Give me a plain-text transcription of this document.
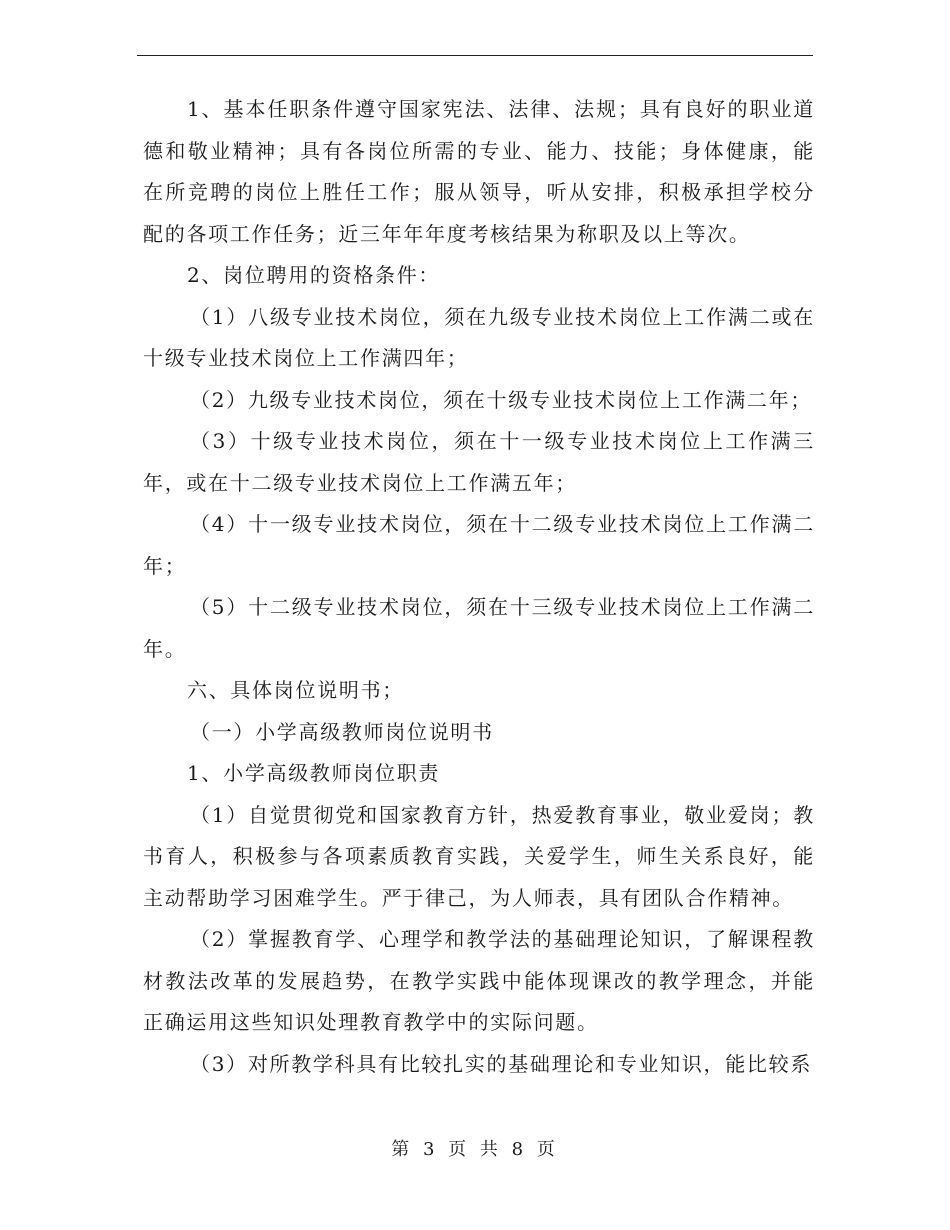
1、基本任职条件遵守国家宪法、法律、法规；具有良好的职业道德和敬业精神；具有各岗位所需的专业、能力、技能；身体健康，能在所竞聘的岗位上胜任工作；服从领导，听从安排，积极承担学校分配的各项工作任务；近三年年年度考核结果为称职及以上等次。

2、岗位聘用的资格条件：

（1）八级专业技术岗位，须在九级专业技术岗位上工作满二或在十级专业技术岗位上工作满四年；

（2）九级专业技术岗位，须在十级专业技术岗位上工作满二年；

（3）十级专业技术岗位，须在十一级专业技术岗位上工作满三年，或在十二级专业技术岗位上工作满五年；

（4）十一级专业技术岗位，须在十二级专业技术岗位上工作满二年；

（5）十二级专业技术岗位，须在十三级专业技术岗位上工作满二年。

六、具体岗位说明书；

（一）小学高级教师岗位说明书

1、小学高级教师岗位职责

（1）自觉贯彻党和国家教育方针，热爱教育事业，敬业爱岗；教书育人，积极参与各项素质教育实践，关爱学生，师生关系良好，能主动帮助学习困难学生。严于律己，为人师表，具有团队合作精神。

（2）掌握教育学、心理学和教学法的基础理论知识，了解课程教材教法改革的发展趋势，在教学实践中能体现课改的教学理念，并能正确运用这些知识处理教育教学中的实际问题。

（3）对所教学科具有比较扎实的基础理论和专业知识，能比较系

第 3 页 共 8 页
